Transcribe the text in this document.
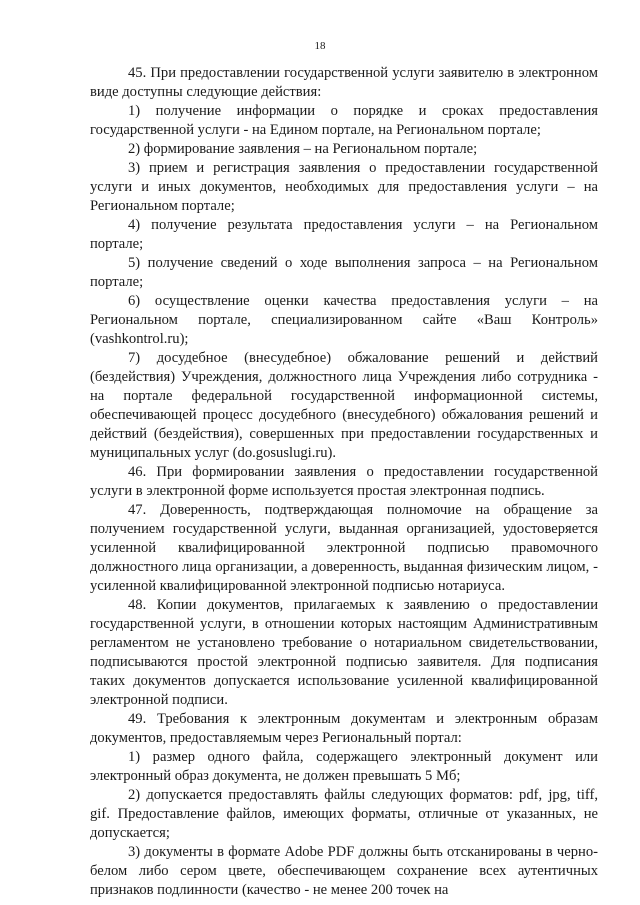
18

45. При предоставлении государственной услуги заявителю в электронном виде доступны следующие действия:

1) получение информации о порядке и сроках предоставления государственной услуги - на Едином портале, на Региональном портале;

2) формирование заявления – на Региональном портале;

3) прием и регистрация заявления о предоставлении государственной услуги и иных документов, необходимых для предоставления услуги – на Региональном портале;

4) получение результата предоставления услуги – на Региональном портале;

5) получение сведений о ходе выполнения запроса – на Региональном портале;

6) осуществление оценки качества предоставления услуги – на Региональном портале, специализированном сайте «Ваш Контроль» (vashkontrol.ru);

7) досудебное (внесудебное) обжалование решений и действий (бездействия) Учреждения, должностного лица Учреждения либо сотрудника - на портале федеральной государственной информационной системы, обеспечивающей процесс досудебного (внесудебного) обжалования решений и действий (бездействия), совершенных при предоставлении государственных и муниципальных услуг (do.gosuslugi.ru).

46. При формировании заявления о предоставлении государственной услуги в электронной форме используется простая электронная подпись.

47. Доверенность, подтверждающая полномочие на обращение за получением государственной услуги, выданная организацией, удостоверяется усиленной квалифицированной электронной подписью правомочного должностного лица организации, а доверенность, выданная физическим лицом, - усиленной квалифицированной электронной подписью нотариуса.

48. Копии документов, прилагаемых к заявлению о предоставлении государственной услуги, в отношении которых настоящим Административным регламентом не установлено требование о нотариальном свидетельствовании, подписываются простой электронной подписью заявителя. Для подписания таких документов допускается использование усиленной квалифицированной электронной подписи.

49. Требования к электронным документам и электронным образам документов, предоставляемым через Региональный портал:

1) размер одного файла, содержащего электронный документ или электронный образ документа, не должен превышать 5 Мб;

2) допускается предоставлять файлы следующих форматов: pdf, jpg, tiff, gif. Предоставление файлов, имеющих форматы, отличные от указанных, не допускается;

3) документы в формате Adobe PDF должны быть отсканированы в черно-белом либо сером цвете, обеспечивающем сохранение всех аутентичных признаков подлинности (качество - не менее 200 точек на
